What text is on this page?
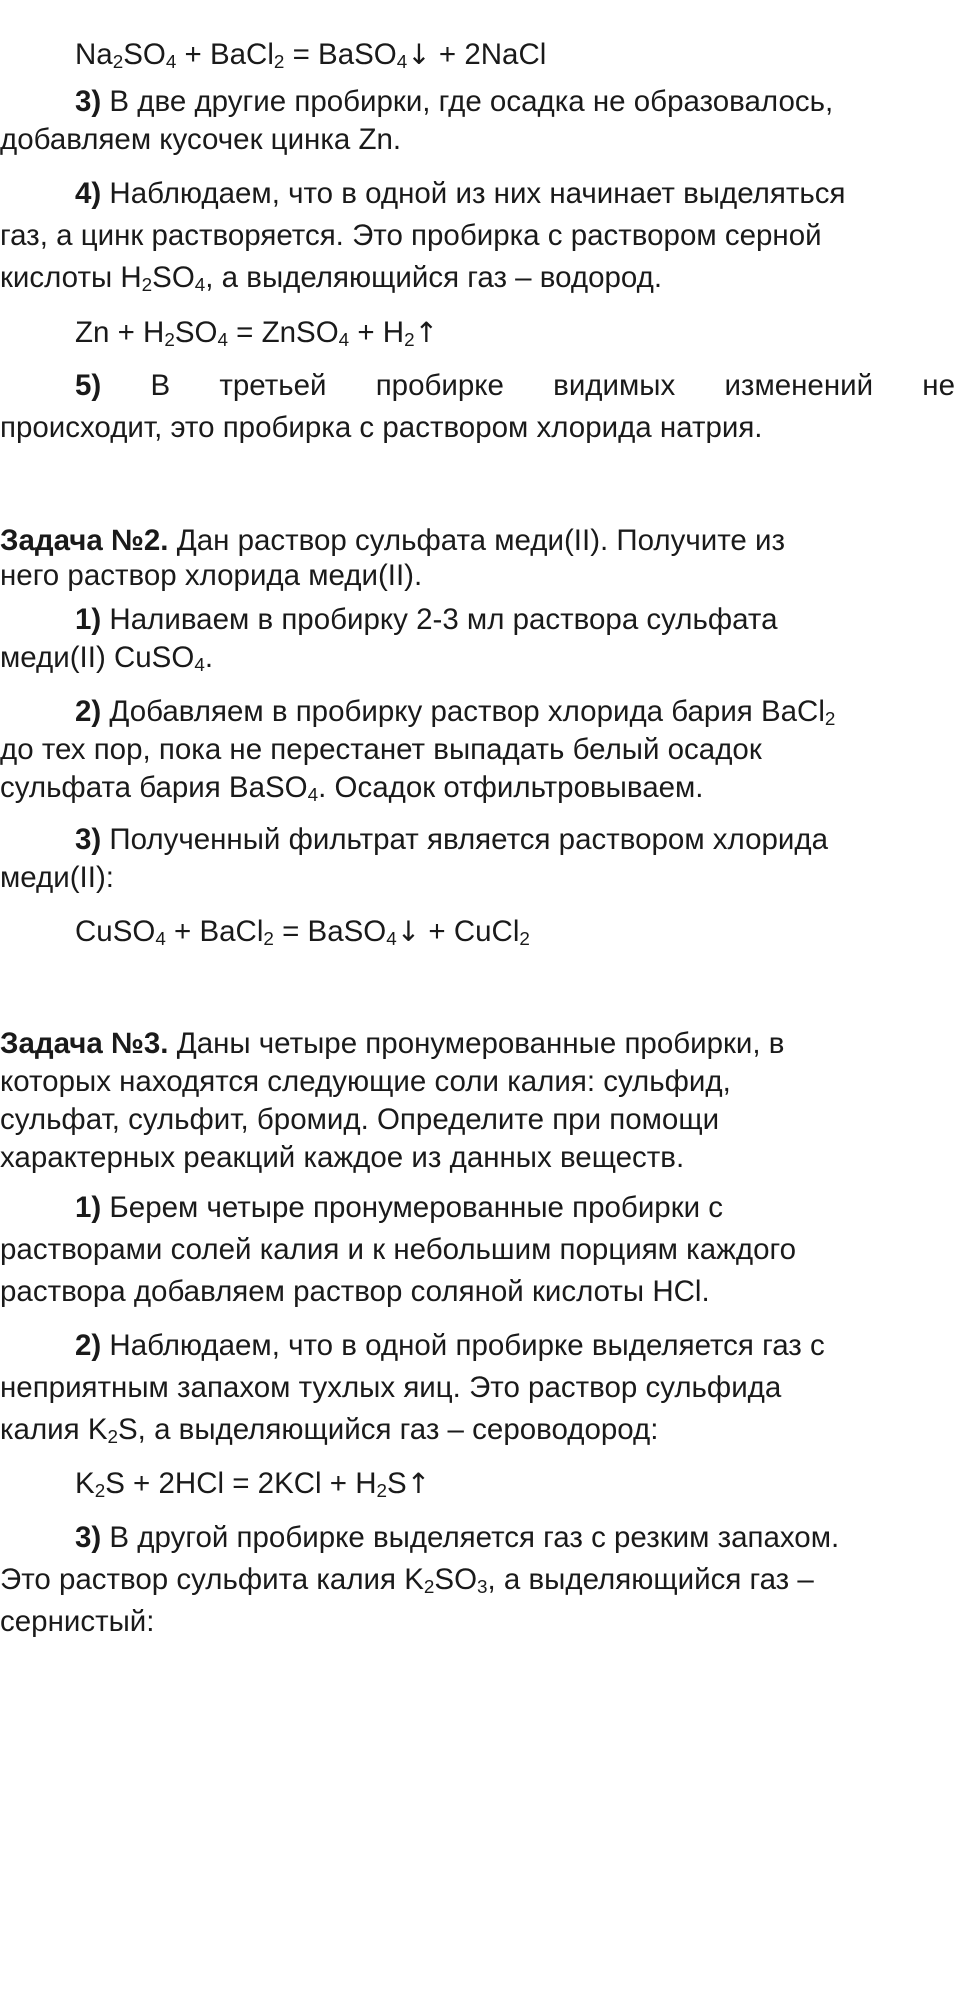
$Na_2SO_4$ + BaCl$_2$ = BaSO$_4$↓ + 2NaCl
3) В две другие пробирки, где осадка не образовалось,
добавляем кусочек цинка Zn.
4) Наблюдаем, что в одной из них начинает выделяться
газ, а цинк растворяется. Это пробирка с раствором серной
кислоты $H_2SO_4$, а выделяющийся газ – водород.
$Zn + H_2SO_4$ = ZnSO$_4$ + $H_2↑$
5) В третьей пробирке видимых изменений не
происходит, это пробирка с раствором хлорида натрия.
Задача №2. Дан раствор сульфата меди(II). Получите из
него раствор хлорида меди(II).
1) Наливаем в пробирку 2-3 мл раствора сульфата
меди(II) CuSO$_4$.
2) Добавляем в пробирку раствор хлорида бария BaCl$_2$
до тех пор, пока не перестанет выпадать белый осадок
сульфата бария BaSO$_4$. Осадок отфильтровываем.
3) Полученный фильтрат является раствором хлорида
меди(II):
CuSO$_4$ + BaCl$_2$ = BaSO$_4$↓ + CuCl$_2$
Задача №3. Даны четыре пронумерованные пробирки, в
которых находятся следующие соли калия: сульфид,
сульфат, сульфит, бромид. Определите при помощи
характерных реакций каждое из данных веществ.
1) Берем четыре пронумерованные пробирки с
растворами солей калия и к небольшим порциям каждого
раствора добавляем раствор соляной кислоты HCl.
2) Наблюдаем, что в одной пробирке выделяется газ с
неприятным запахом тухлых яиц. Это раствор сульфида
калия $K_2S$, а выделяющийся газ – сероводород:
$K_2S + 2HCl = 2KCl$ + $H_2S↑$
3) В другой пробирке выделяется газ с резким запахом.
Это раствор сульфита калия $K_2SO_3$, а выделяющийся газ –
сернистый:
